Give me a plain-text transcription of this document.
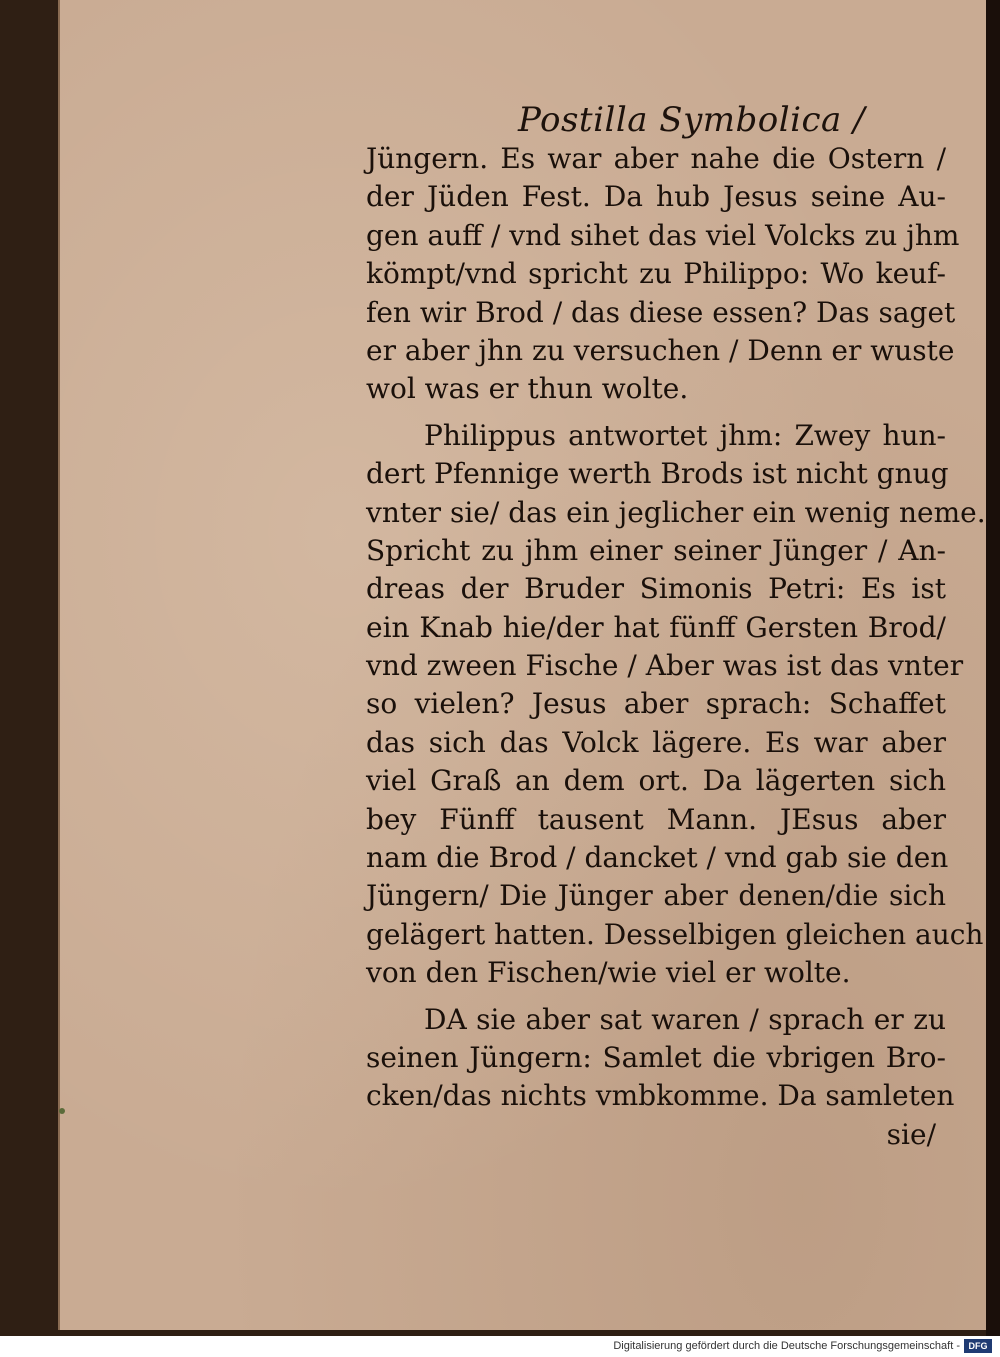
Postilla Symbolica /
Jüngern. Es war aber nahe die Ostern /
der Jüden Fest. Da hub Jesus seine Au-
gen auff / vnd sihet das viel Volcks zu jhm
kömpt/vnd spricht zu Philippo: Wo keuf-
fen wir Brod / das diese essen? Das saget
er aber jhn zu versuchen / Denn er wuste
wol was er thun wolte.
Philippus antwortet jhm: Zwey hun-
dert Pfennige werth Brods ist nicht gnug
vnter sie/ das ein jeglicher ein wenig neme.
Spricht zu jhm einer seiner Jünger / An-
dreas der Bruder Simonis Petri: Es ist
ein Knab hie/der hat fünff Gersten Brod/
vnd zween Fische / Aber was ist das vnter
so vielen? Jesus aber sprach: Schaffet
das sich das Volck lägere. Es war aber
viel Graß an dem ort. Da lägerten sich
bey Fünff tausent Mann. JEsus aber
nam die Brod / dancket / vnd gab sie den
Jüngern/ Die Jünger aber denen/die sich
gelägert hatten. Desselbigen gleichen auch
von den Fischen/wie viel er wolte.
DA sie aber sat waren / sprach er zu
seinen Jüngern: Samlet die vbrigen Bro-
cken/das nichts vmbkomme. Da samleten
sie/
Digitalisierung gefördert durch die Deutsche Forschungsgemeinschaft - DFG
